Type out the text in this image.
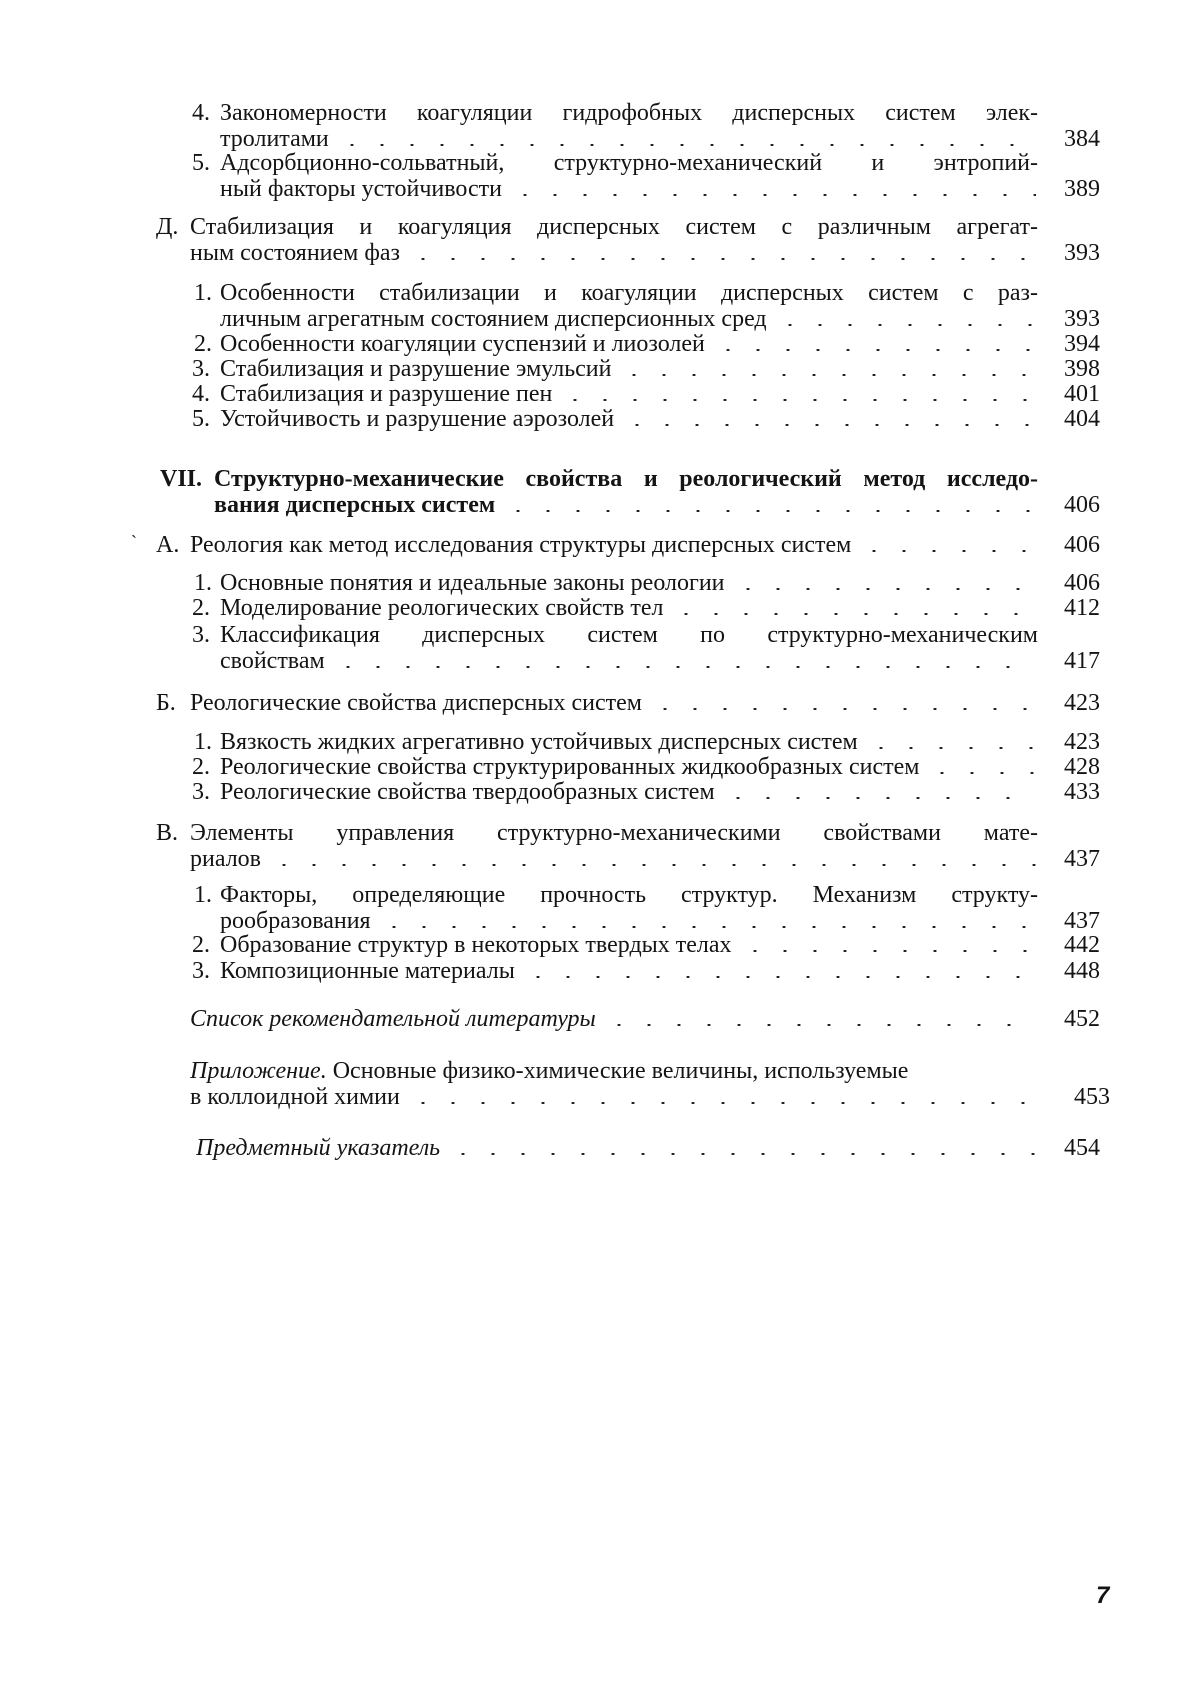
4. Закономерности коагуляции гидрофобных дисперсных систем элек-
тролитами	384
5. Адсорбционно-сольватный, структурно-механический и энтропий-
ный факторы устойчивости	389
Д. Стабилизация и коагуляция дисперсных систем с различным агрегат-
ным состоянием фаз	393
1. Особенности стабилизации и коагуляции дисперсных систем с раз-
личным агрегатным состоянием дисперсионных сред	393
2. Особенности коагуляции суспензий и лиозолей	394
3. Стабилизация и разрушение эмульсий	398
4. Стабилизация и разрушение пен	401
5. Устойчивость и разрушение аэрозолей	404
VII. Структурно-механические свойства и реологический метод исследо-
вания дисперсных систем	406
А. Реология как метод исследования структуры дисперсных систем	406
1. Основные понятия и идеальные законы реологии	406
2. Моделирование реологических свойств тел	412
3. Классификация дисперсных систем по структурно-механическим
свойствам	417
Б. Реологические свойства дисперсных систем	423
1. Вязкость жидких агрегативно устойчивых дисперсных систем	423
2. Реологические свойства структурированных жидкообразных систем	428
3. Реологические свойства твердообразных систем	433
В. Элементы управления структурно-механическими свойствами мате-
риалов	437
1. Факторы, определяющие прочность структур. Механизм структу-
рообразования	437
2. Образование структур в некоторых твердых телах	442
3. Композиционные материалы	448
Список рекомендательной литературы	452
Приложение. Основные физико-химические величины, используемые
в коллоидной химии	453
Предметный указатель	454
`
7
